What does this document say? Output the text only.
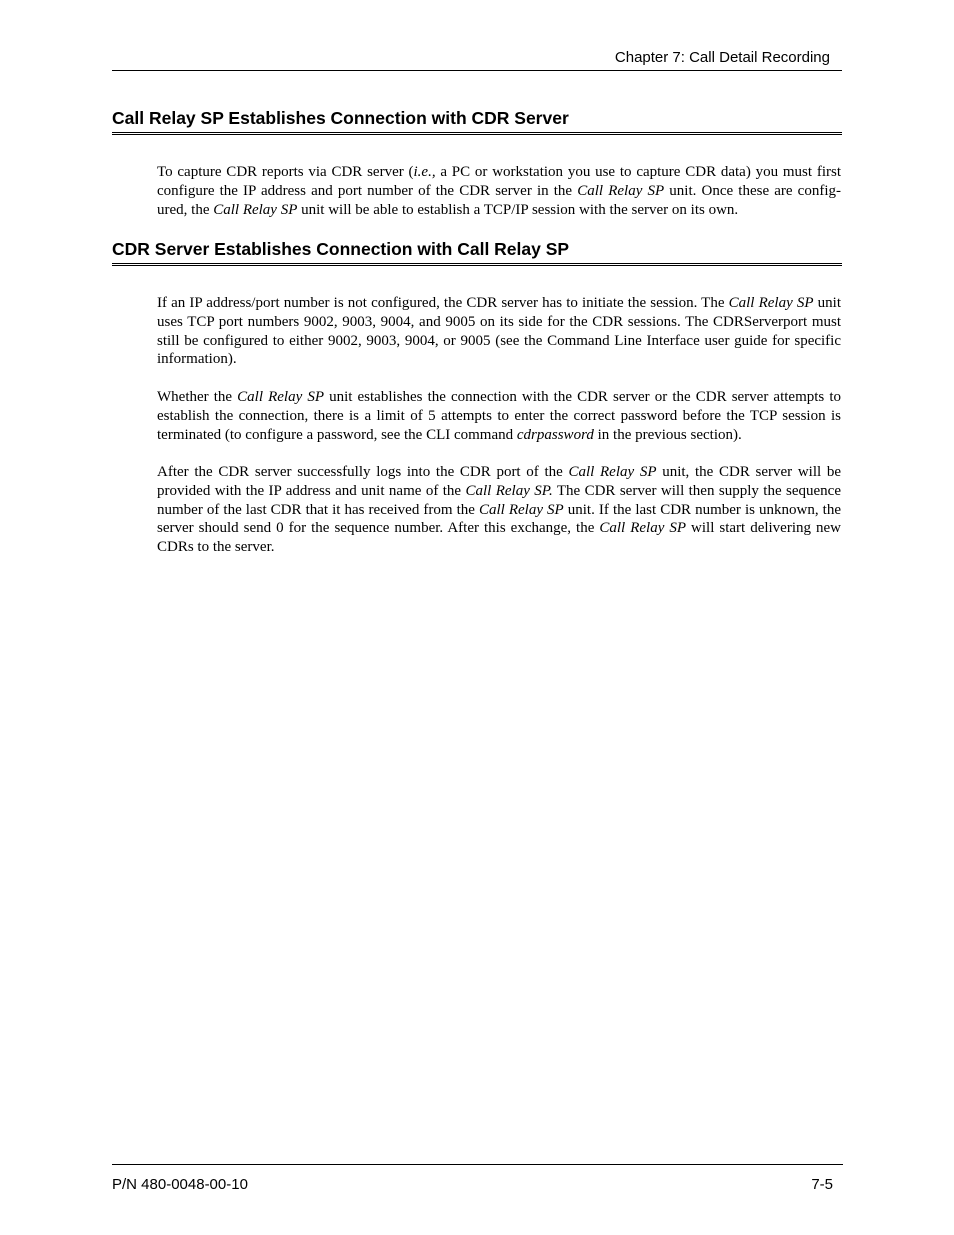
Chapter 7: Call Detail Recording
Call Relay SP Establishes Connection with CDR Server

To capture CDR reports via CDR server (i.e., a PC or workstation you use to capture CDR data) you must first configure the IP address and port number of the CDR server in the Call Relay SP unit. Once these are config-ured, the Call Relay SP unit will be able to establish a TCP/IP session with the server on its own.

CDR Server Establishes Connection with Call Relay SP

If an IP address/port number is not configured, the CDR server has to initiate the session. The Call Relay SP unit uses TCP port numbers 9002, 9003, 9004, and 9005 on its side for the CDR sessions. The CDRServerport must still be configured to either 9002, 9003, 9004, or 9005 (see the Command Line Interface user guide for specific information).

Whether the Call Relay SP unit establishes the connection with the CDR server or the CDR server attempts to establish the connection, there is a limit of 5 attempts to enter the correct password before the TCP session is terminated (to configure a password, see the CLI command cdrpassword in the previous section).

After the CDR server successfully logs into the CDR port of the Call Relay SP unit, the CDR server will be provided with the IP address and unit name of the Call Relay SP. The CDR server will then supply the sequence number of the last CDR that it has received from the Call Relay SP unit. If the last CDR number is unknown, the server should send 0 for the sequence number. After this exchange, the Call Relay SP will start delivering new CDRs to the server.

P/N 480-0048-00-10	7-5
